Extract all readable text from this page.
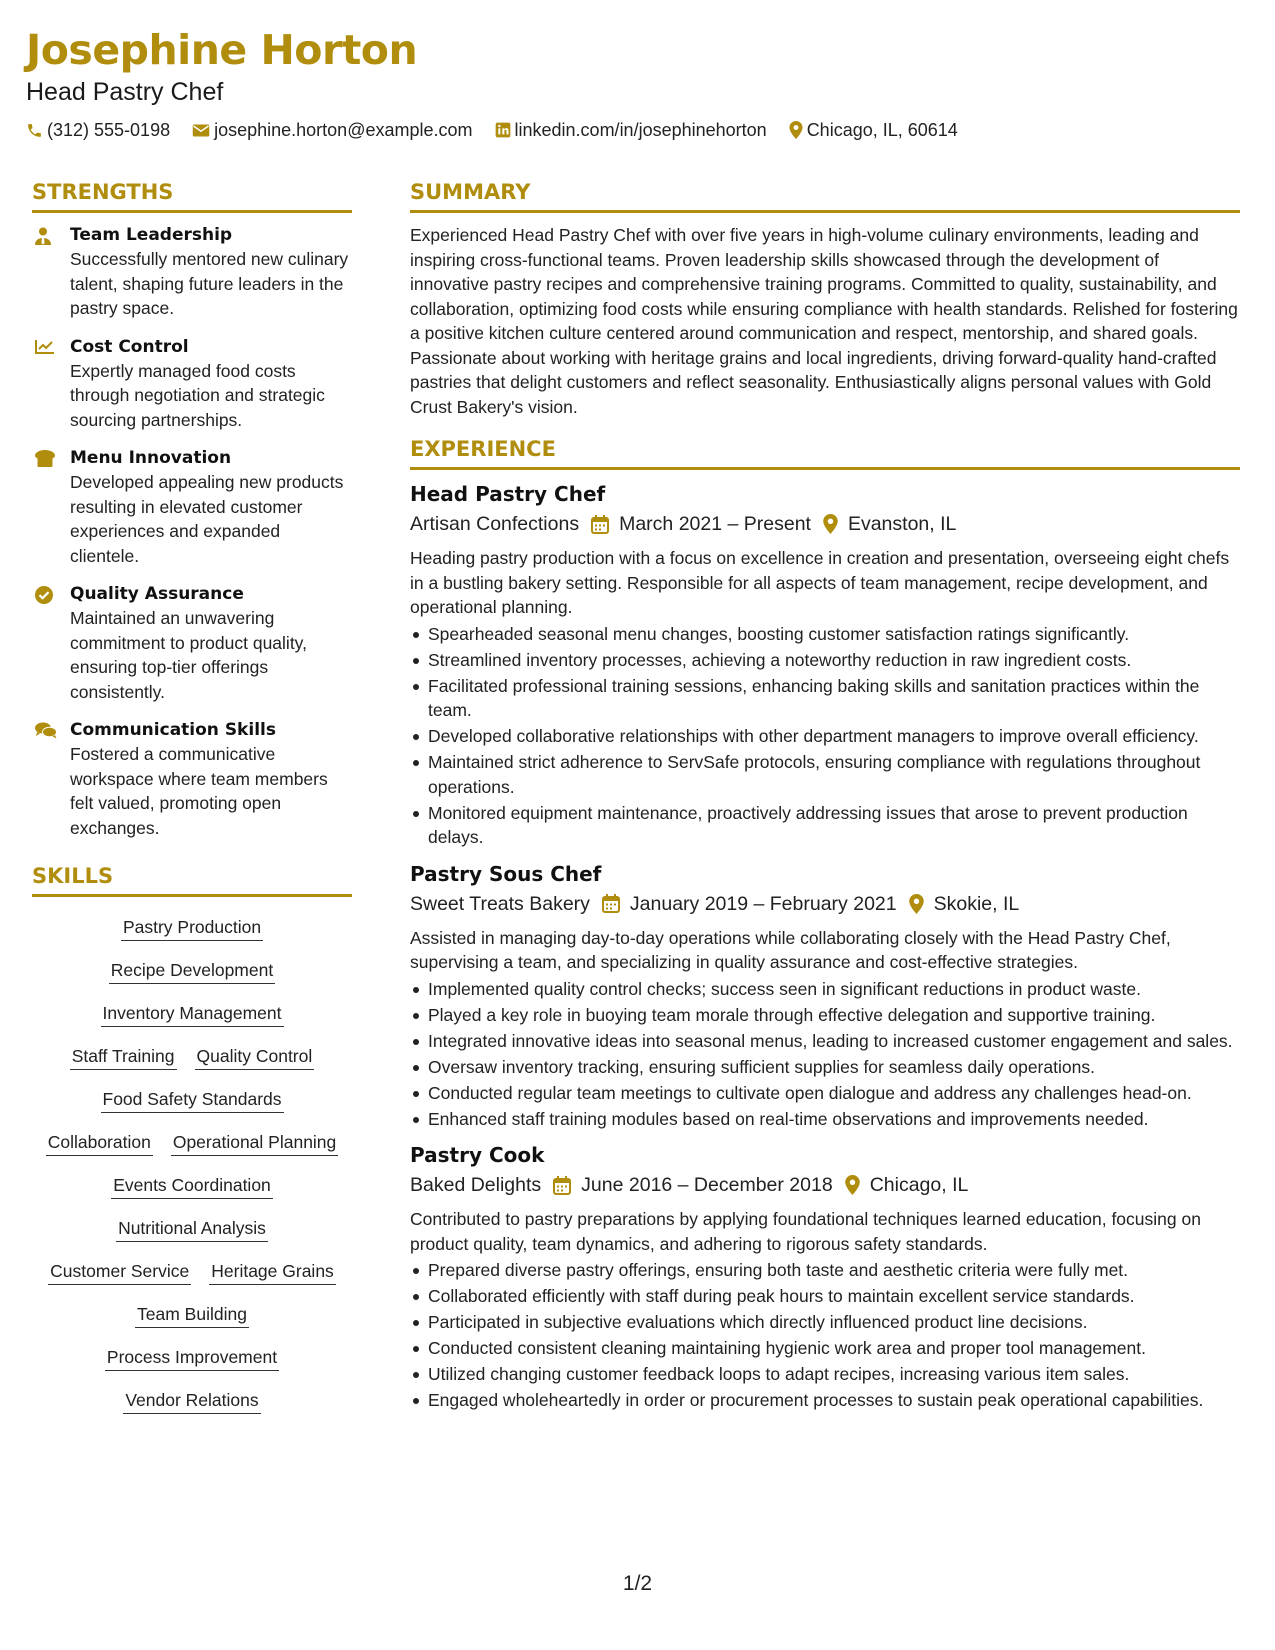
Josephine Horton
Head Pastry Chef
(312) 555-0198 josephine.horton@example.com linkedin.com/in/josephinehorton Chicago, IL, 60614
STRENGTHS
Team Leadership
Successfully mentored new culinary talent, shaping future leaders in the pastry space.
Cost Control
Expertly managed food costs through negotiation and strategic sourcing partnerships.
Menu Innovation
Developed appealing new products resulting in elevated customer experiences and expanded clientele.
Quality Assurance
Maintained an unwavering commitment to product quality, ensuring top-tier offerings consistently.
Communication Skills
Fostered a communicative workspace where team members felt valued, promoting open exchanges.
SKILLS
Pastry Production
Recipe Development
Inventory Management
Staff Training Quality Control
Food Safety Standards
Collaboration Operational Planning
Events Coordination
Nutritional Analysis
Customer Service Heritage Grains
Team Building
Process Improvement
Vendor Relations
SUMMARY
Experienced Head Pastry Chef with over five years in high-volume culinary environments, leading and inspiring cross-functional teams. Proven leadership skills showcased through the development of innovative pastry recipes and comprehensive training programs. Committed to quality, sustainability, and collaboration, optimizing food costs while ensuring compliance with health standards. Relished for fostering a positive kitchen culture centered around communication and respect, mentorship, and shared goals. Passionate about working with heritage grains and local ingredients, driving forward-quality hand-crafted pastries that delight customers and reflect seasonality. Enthusiastically aligns personal values with Gold Crust Bakery's vision.
EXPERIENCE
Head Pastry Chef
Artisan Confections March 2021 – Present Evanston, IL
Heading pastry production with a focus on excellence in creation and presentation, overseeing eight chefs in a bustling bakery setting. Responsible for all aspects of team management, recipe development, and operational planning.
Spearheaded seasonal menu changes, boosting customer satisfaction ratings significantly.
Streamlined inventory processes, achieving a noteworthy reduction in raw ingredient costs.
Facilitated professional training sessions, enhancing baking skills and sanitation practices within the team.
Developed collaborative relationships with other department managers to improve overall efficiency.
Maintained strict adherence to ServSafe protocols, ensuring compliance with regulations throughout operations.
Monitored equipment maintenance, proactively addressing issues that arose to prevent production delays.
Pastry Sous Chef
Sweet Treats Bakery January 2019 – February 2021 Skokie, IL
Assisted in managing day-to-day operations while collaborating closely with the Head Pastry Chef, supervising a team, and specializing in quality assurance and cost-effective strategies.
Implemented quality control checks; success seen in significant reductions in product waste.
Played a key role in buoying team morale through effective delegation and supportive training.
Integrated innovative ideas into seasonal menus, leading to increased customer engagement and sales.
Oversaw inventory tracking, ensuring sufficient supplies for seamless daily operations.
Conducted regular team meetings to cultivate open dialogue and address any challenges head-on.
Enhanced staff training modules based on real-time observations and improvements needed.
Pastry Cook
Baked Delights June 2016 – December 2018 Chicago, IL
Contributed to pastry preparations by applying foundational techniques learned education, focusing on product quality, team dynamics, and adhering to rigorous safety standards.
Prepared diverse pastry offerings, ensuring both taste and aesthetic criteria were fully met.
Collaborated efficiently with staff during peak hours to maintain excellent service standards.
Participated in subjective evaluations which directly influenced product line decisions.
Conducted consistent cleaning maintaining hygienic work area and proper tool management.
Utilized changing customer feedback loops to adapt recipes, increasing various item sales.
Engaged wholeheartedly in order or procurement processes to sustain peak operational capabilities.
1/2
